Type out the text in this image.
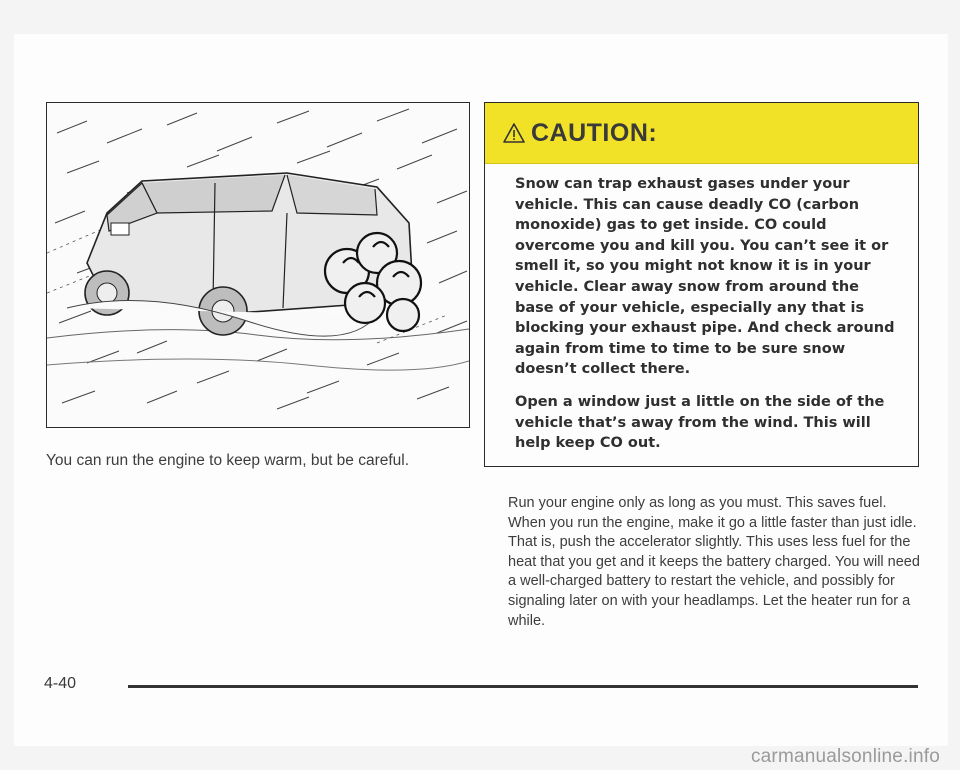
You can run the engine to keep warm, but be careful.
CAUTION:

Snow can trap exhaust gases under your vehicle. This can cause deadly CO (carbon monoxide) gas to get inside. CO could overcome you and kill you. You can’t see it or smell it, so you might not know it is in your vehicle. Clear away snow from around the base of your vehicle, especially any that is blocking your exhaust pipe. And check around again from time to time to be sure snow doesn’t collect there.

Open a window just a little on the side of the vehicle that’s away from the wind. This will help keep CO out.

Run your engine only as long as you must. This saves fuel. When you run the engine, make it go a little faster than just idle. That is, push the accelerator slightly. This uses less fuel for the heat that you get and it keeps the battery charged. You will need a well-charged battery to restart the vehicle, and possibly for signaling later on with your headlamps. Let the heater run for a while.

4-40
carmanualsonline.info
